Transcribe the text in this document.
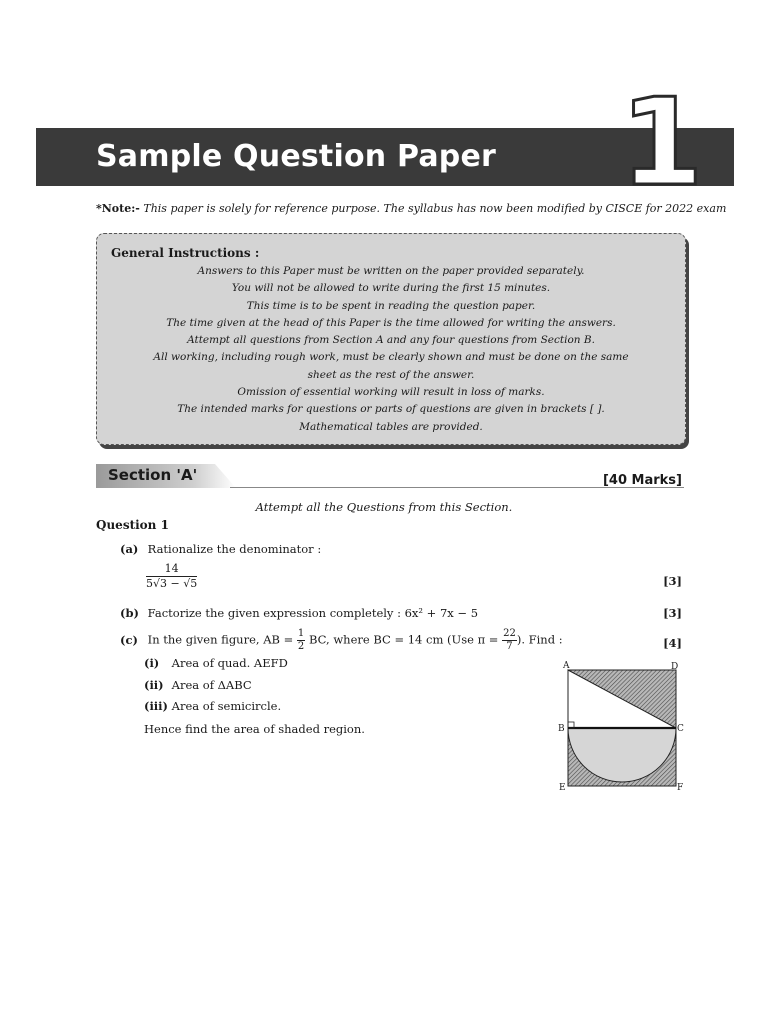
Sample Question Paper 1
*Note:- This paper is solely for reference purpose. The syllabus has now been modified by CISCE for 2022 exam
General Instructions :
Answers to this Paper must be written on the paper provided separately.
You will not be allowed to write during the first 15 minutes.
This time is to be spent in reading the question paper.
The time given at the head of this Paper is the time allowed for writing the answers.
Attempt all questions from Section A and any four questions from Section B.
All working, including rough work, must be clearly shown and must be done on the same
sheet as the rest of the answer.
Omission of essential working will result in loss of marks.
The intended marks for questions or parts of questions are given in brackets [ ].
Mathematical tables are provided.
Section 'A'	[40 Marks]
Attempt all the Questions from this Section.
Question 1
(a) Rationalize the denominator :
$\frac{14}{5√3 - √5}$	[3]
(b) Factorize the given expression completely : 6x² + 7x − 5	[3]
(c) In the given figure, AB = $\frac{1}{2}$ BC, where BC = 14 cm (Use $\pi = \frac{22}{7}$ ). Find :	[4]
(i) Area of quad. AEFD
(ii) Area of ΔABC
(iii) Area of semicircle.
Hence find the area of shaded region.
A	D
B	C
E	F
